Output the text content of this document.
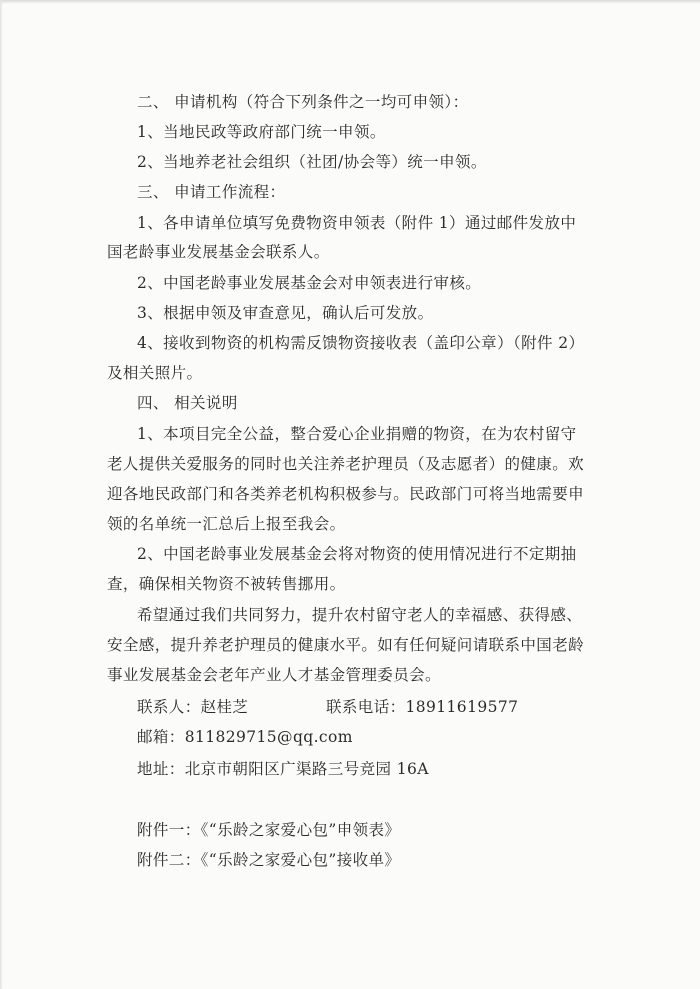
二、 申请机构（符合下列条件之一均可申领）：
1、当地民政等政府部门统一申领。
2、当地养老社会组织（社团/协会等）统一申领。
三、 申请工作流程：
1、各申请单位填写免费物资申领表（附件 1）通过邮件发放中
国老龄事业发展基金会联系人。
2、中国老龄事业发展基金会对申领表进行审核。
3、根据申领及审查意见，确认后可发放。
4、接收到物资的机构需反馈物资接收表（盖印公章）（附件 2）
及相关照片。
四、 相关说明
1、本项目完全公益，整合爱心企业捐赠的物资，在为农村留守
老人提供关爱服务的同时也关注养老护理员（及志愿者）的健康。欢
迎各地民政部门和各类养老机构积极参与。民政部门可将当地需要申
领的名单统一汇总后上报至我会。
2、中国老龄事业发展基金会将对物资的使用情况进行不定期抽
查，确保相关物资不被转售挪用。
希望通过我们共同努力，提升农村留守老人的幸福感、获得感、
安全感，提升养老护理员的健康水平。如有任何疑问请联系中国老龄
事业发展基金会老年产业人才基金管理委员会。
联系人：赵桂芝	联系电话：18911619577
邮箱：811829715@qq.com
地址：北京市朝阳区广渠路三号竞园 16A
附件一：《“乐龄之家爱心包”申领表》
附件二：《“乐龄之家爱心包”接收单》
